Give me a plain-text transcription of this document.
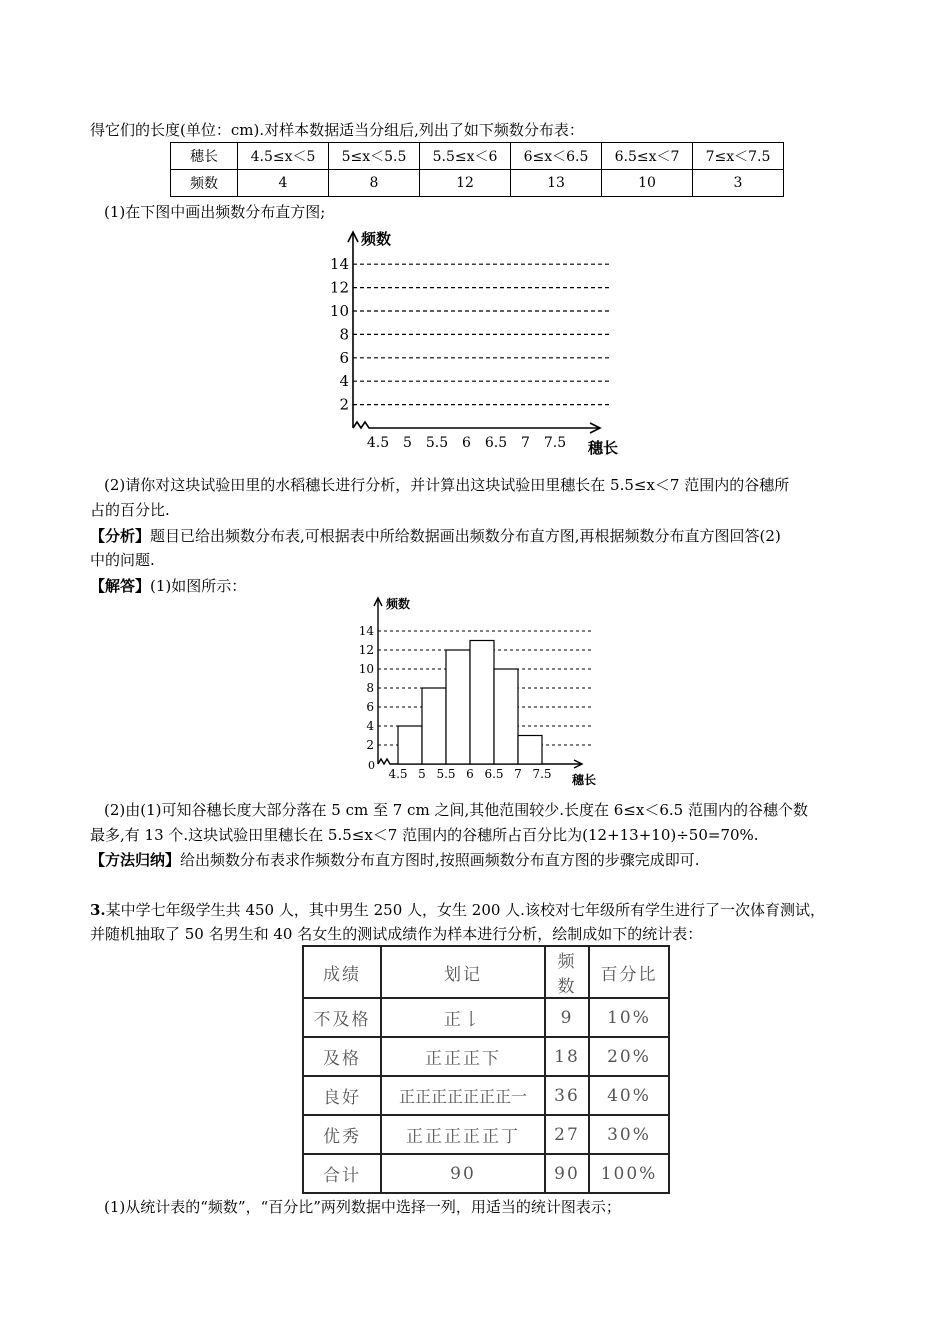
得它们的长度(单位：cm).对样本数据适当分组后,列出了如下频数分布表：
穗长	4.5≤x＜5	5≤x＜5.5	5.5≤x＜6	6≤x＜6.5	6.5≤x＜7	7≤x＜7.5
频数	4	8	12	13	10	3
(1)在下图中画出频数分布直方图;
频数
穗长
14
12
10
8
6
4
2
4.5 5 5.5 6 6.5 7 7.5
(2)请你对这块试验田里的水稻穗长进行分析，并计算出这块试验田里穗长在 5.5≤x＜7 范围内的谷穗所
占的百分比.
【分析】题目已给出频数分布表,可根据表中所给数据画出频数分布直方图,再根据频数分布直方图回答(2)
中的问题.
【解答】(1)如图所示：
频数
穗长
0
14
12
10
8
6
4
2
4.5 5 5.5 6 6.5 7 7.5
(2)由(1)可知谷穗长度大部分落在 5 cm 至 7 cm 之间,其他范围较少.长度在 6≤x＜6.5 范围内的谷穗个数
最多,有 13 个.这块试验田里穗长在 5.5≤x＜7 范围内的谷穗所占百分比为(12+13+10)÷50=70%.
【方法归纳】给出频数分布表求作频数分布直方图时,按照画频数分布直方图的步骤完成即可.
3.某中学七年级学生共 450 人，其中男生 250 人，女生 200 人.该校对七年级所有学生进行了一次体育测试，
并随机抽取了 50 名男生和 40 名女生的测试成绩作为样本进行分析，绘制成如下的统计表：
成绩	划记	频数	百分比
不及格	正𠄌	9	10%
及格	正正正下	18	20%
良好	正正正正正正正一	36	40%
优秀	正正正正正丁	27	30%
合计	90	90	100%
(1)从统计表的“频数”，“百分比”两列数据中选择一列，用适当的统计图表示；
